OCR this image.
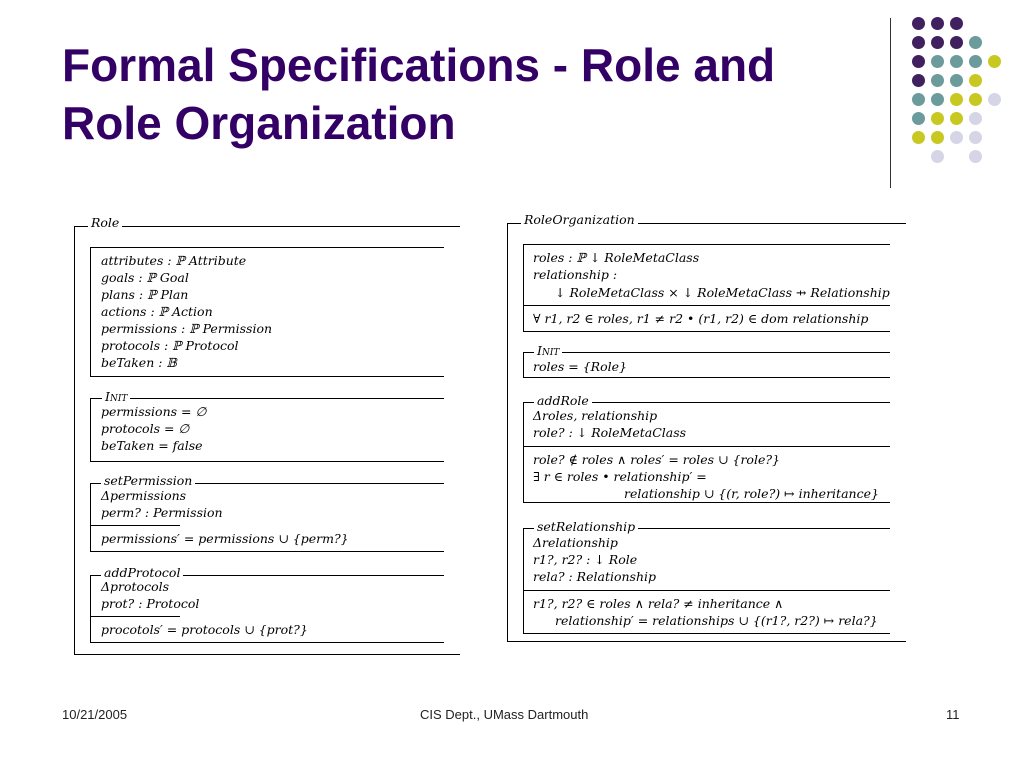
Formal Specifications - Role and Role Organization
Role
attributes : ℙ Attribute
goals : ℙ Goal
plans : ℙ Plan
actions : ℙ Action
permissions : ℙ Permission
protocols : ℙ Protocol
beTaken : 𝔹
Init
permissions = ∅
protocols = ∅
beTaken = false
setPermission
Δpermissions
perm? : Permission
permissions′ = permissions ∪ {perm?}
addProtocol
Δprotocols
prot? : Protocol
procotols′ = protocols ∪ {prot?}
RoleOrganization
roles : ℙ ↓ RoleMetaClass
relationship :
↓ RoleMetaClass × ↓ RoleMetaClass ⇸ Relationship
∀ r1, r2 ∈ roles, r1 ≠ r2 • (r1, r2) ∈ dom relationship
Init
roles = {Role}
addRole
Δroles, relationship
role? : ↓ RoleMetaClass
role? ∉ roles ∧ roles′ = roles ∪ {role?}
∃ r ∈ roles • relationship′ =
relationship ∪ {(r, role?) ↦ inheritance}
setRelationship
Δrelationship
r1?, r2? : ↓ Role
rela? : Relationship
r1?, r2? ∈ roles ∧ rela? ≠ inheritance ∧
relationship′ = relationships ∪ {(r1?, r2?) ↦ rela?}
10/21/2005	CIS Dept., UMass Dartmouth	11
